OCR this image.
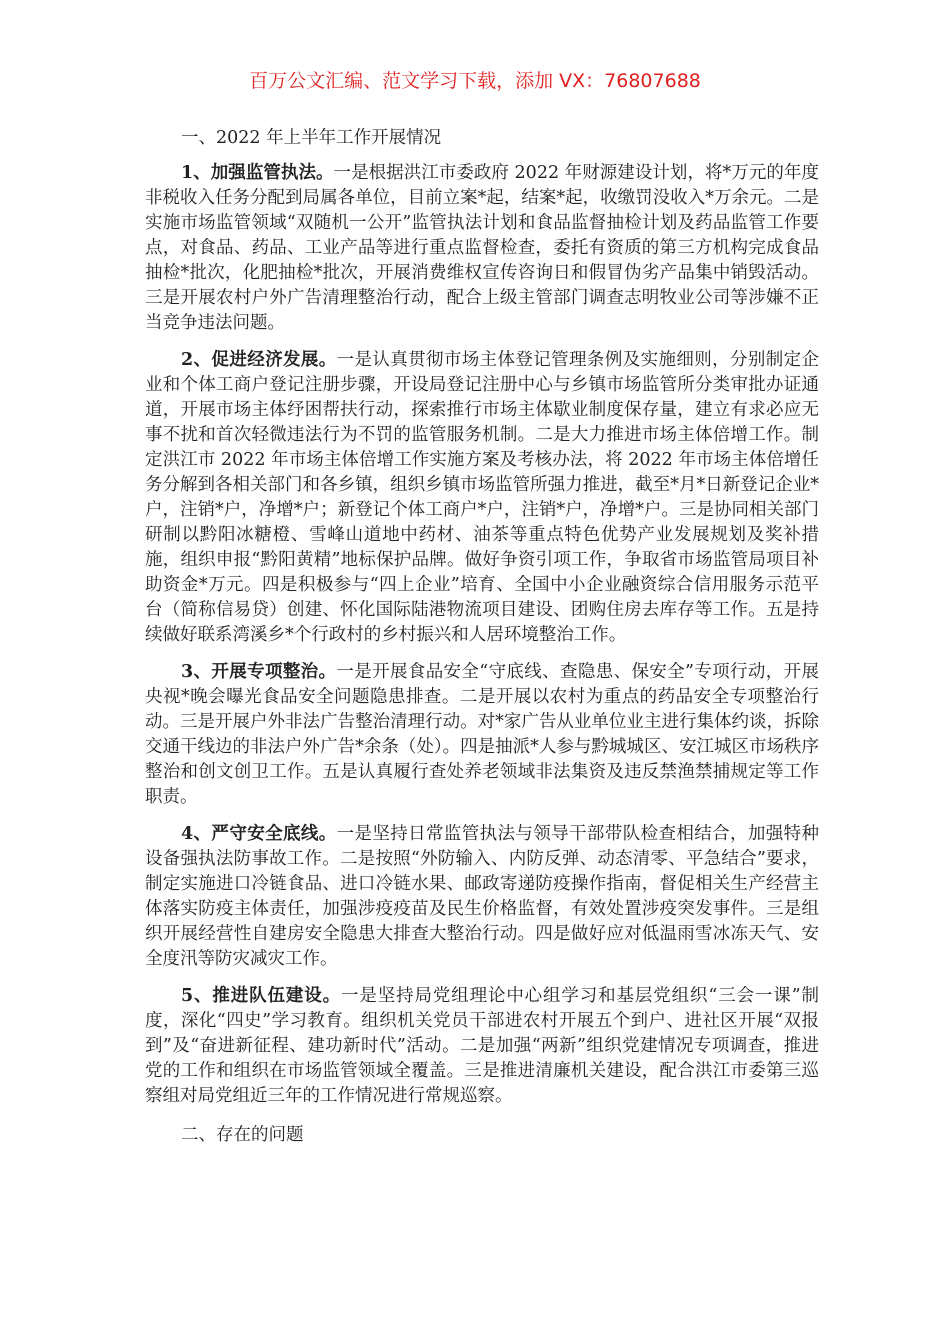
百万公文汇编、范文学习下载，添加 VX：76807688

一、2022 年上半年工作开展情况

1、加强监管执法。一是根据洪江市委政府 2022 年财源建设计划，将*万元的年度非税收入任务分配到局属各单位，目前立案*起，结案*起，收缴罚没收入*万余元。二是实施市场监管领域“双随机一公开”监管执法计划和食品监督抽检计划及药品监管工作要点，对食品、药品、工业产品等进行重点监督检查，委托有资质的第三方机构完成食品抽检*批次，化肥抽检*批次，开展消费维权宣传咨询日和假冒伪劣产品集中销毁活动。三是开展农村户外广告清理整治行动，配合上级主管部门调查志明牧业公司等涉嫌不正当竞争违法问题。

2、促进经济发展。一是认真贯彻市场主体登记管理条例及实施细则，分别制定企业和个体工商户登记注册步骤，开设局登记注册中心与乡镇市场监管所分类审批办证通道，开展市场主体纾困帮扶行动，探索推行市场主体歇业制度保存量，建立有求必应无事不扰和首次轻微违法行为不罚的监管服务机制。二是大力推进市场主体倍增工作。制定洪江市 2022 年市场主体倍增工作实施方案及考核办法，将 2022 年市场主体倍增任务分解到各相关部门和各乡镇，组织乡镇市场监管所强力推进，截至*月*日新登记企业*户，注销*户，净增*户；新登记个体工商户*户，注销*户，净增*户。三是协同相关部门研制以黔阳冰糖橙、雪峰山道地中药材、油茶等重点特色优势产业发展规划及奖补措施，组织申报“黔阳黄精”地标保护品牌。做好争资引项工作，争取省市场监管局项目补助资金*万元。四是积极参与“四上企业”培育、全国中小企业融资综合信用服务示范平台（简称信易贷）创建、怀化国际陆港物流项目建设、团购住房去库存等工作。五是持续做好联系湾溪乡*个行政村的乡村振兴和人居环境整治工作。

3、开展专项整治。一是开展食品安全“守底线、查隐患、保安全”专项行动，开展央视*晚会曝光食品安全问题隐患排查。二是开展以农村为重点的药品安全专项整治行动。三是开展户外非法广告整治清理行动。对*家广告从业单位业主进行集体约谈，拆除交通干线边的非法户外广告*余条（处）。四是抽派*人参与黔城城区、安江城区市场秩序整治和创文创卫工作。五是认真履行查处养老领域非法集资及违反禁渔禁捕规定等工作职责。

4、严守安全底线。一是坚持日常监管执法与领导干部带队检查相结合，加强特种设备强执法防事故工作。二是按照“外防输入、内防反弹、动态清零、平急结合”要求，制定实施进口冷链食品、进口冷链水果、邮政寄递防疫操作指南，督促相关生产经营主体落实防疫主体责任，加强涉疫疫苗及民生价格监督，有效处置涉疫突发事件。三是组织开展经营性自建房安全隐患大排查大整治行动。四是做好应对低温雨雪冰冻天气、安全度汛等防灾减灾工作。

5、推进队伍建设。一是坚持局党组理论中心组学习和基层党组织“三会一课”制度，深化“四史”学习教育。组织机关党员干部进农村开展五个到户、进社区开展“双报到”及“奋进新征程、建功新时代”活动。二是加强“两新”组织党建情况专项调查，推进党的工作和组织在市场监管领域全覆盖。三是推进清廉机关建设，配合洪江市委第三巡察组对局党组近三年的工作情况进行常规巡察。

二、存在的问题
